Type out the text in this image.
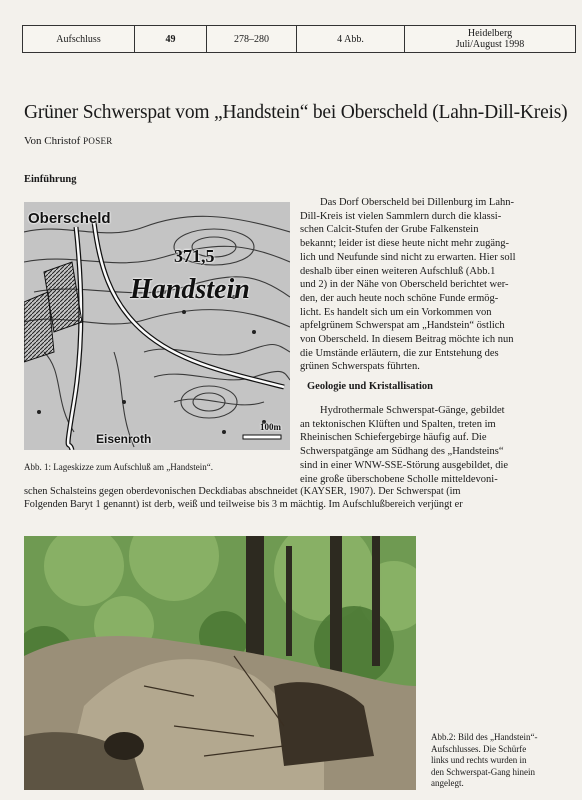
Aufschluss	49	278–280	4 Abb.	Heidelberg
Juli/August 1998
Grüner Schwerspat vom „Handstein“ bei Oberscheld (Lahn-Dill-Kreis)
Von Christof POSER
Einführung
Oberscheld
371,5
Handstein
Eisenroth
100m
Abb. 1: Lageskizze zum Aufschluß am „Handstein“.
Das Dorf Oberscheld bei Dillenburg im Lahn-
Dill-Kreis ist vielen Sammlern durch die klassi-
schen Calcit-Stufen der Grube Falkenstein
bekannt; leider ist diese heute nicht mehr zugäng-
lich und Neufunde sind nicht zu erwarten. Hier soll
deshalb über einen weiteren Aufschluß (Abb.1
und 2) in der Nähe von Oberscheld berichtet wer-
den, der auch heute noch schöne Funde ermög-
licht. Es handelt sich um ein Vorkommen von
apfelgrünem Schwerspat am „Handstein“ östlich
von Oberscheld. In diesem Beitrag möchte ich nun
die Umstände erläutern, die zur Entstehung des
grünen Schwerspats führten.
Geologie und Kristallisation
Hydrothermale Schwerspat-Gänge, gebildet
an tektonischen Klüften und Spalten, treten im
Rheinischen Schiefergebirge häufig auf. Die
Schwerspatgänge am Südhang des „Handsteins“
sind in einer WNW-SSE-Störung ausgebildet, die
eine große überschobene Scholle mitteldevoni-
schen Schalsteins gegen oberdevonischen Deckdiabas abschneidet (KAYSER, 1907). Der Schwerspat (im
Folgenden Baryt 1 genannt) ist derb, weiß und teilweise bis 3 m mächtig. Im Aufschlußbereich verjüngt er
Abb.2: Bild des „Handstein“-
Aufschlusses. Die Schürfe
links und rechts wurden in
den Schwerspat-Gang hinein
angelegt.
